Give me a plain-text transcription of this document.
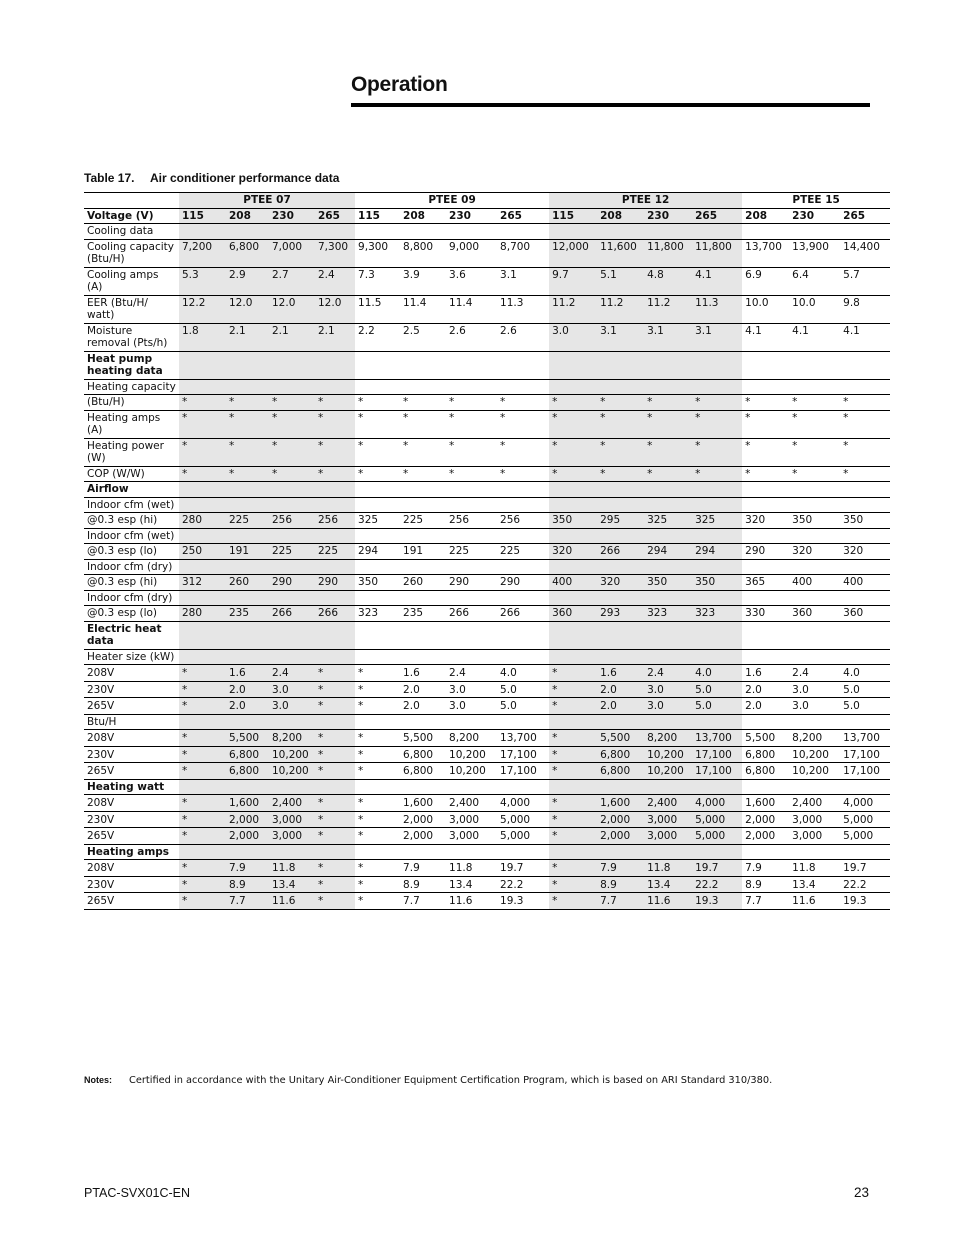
Operation
Table 17. Air conditioner performance data
	PTEE 07				PTEE 09				PTEE 12				PTEE 15		
Voltage (V)	115	208	230	265	115	208	230	265	115	208	230	265	208	230	265
Cooling data															
Cooling capacity (Btu/H)	7,200	6,800	7,000	7,300	9,300	8,800	9,000	8,700	12,000	11,600	11,800	11,800	13,700	13,900	14,400
Cooling amps (A)	5.3	2.9	2.7	2.4	7.3	3.9	3.6	3.1	9.7	5.1	4.8	4.1	6.9	6.4	5.7
EER (Btu/H/ watt)	12.2	12.0	12.0	12.0	11.5	11.4	11.4	11.3	11.2	11.2	11.2	11.3	10.0	10.0	9.8
Moisture removal (Pts/h)	1.8	2.1	2.1	2.1	2.2	2.5	2.6	2.6	3.0	3.1	3.1	3.1	4.1	4.1	4.1
Heat pump heating data															
Heating capacity															
(Btu/H)	*	*	*	*	*	*	*	*	*	*	*	*	*	*	*
Heating amps (A)	*	*	*	*	*	*	*	*	*	*	*	*	*	*	*
Heating power (W)	*	*	*	*	*	*	*	*	*	*	*	*	*	*	*
COP (W/W)	*	*	*	*	*	*	*	*	*	*	*	*	*	*	*
Airflow															
Indoor cfm (wet)															
@0.3 esp (hi)	280	225	256	256	325	225	256	256	350	295	325	325	320	350	350
Indoor cfm (wet)															
@0.3 esp (lo)	250	191	225	225	294	191	225	225	320	266	294	294	290	320	320
Indoor cfm (dry)															
@0.3 esp (hi)	312	260	290	290	350	260	290	290	400	320	350	350	365	400	400
Indoor cfm (dry)															
@0.3 esp (lo)	280	235	266	266	323	235	266	266	360	293	323	323	330	360	360
Electric heat data															
Heater size (kW)															
208V	*	1.6	2.4	*	*	1.6	2.4	4.0	*	1.6	2.4	4.0	1.6	2.4	4.0
230V	*	2.0	3.0	*	*	2.0	3.0	5.0	*	2.0	3.0	5.0	2.0	3.0	5.0
265V	*	2.0	3.0	*	*	2.0	3.0	5.0	*	2.0	3.0	5.0	2.0	3.0	5.0
Btu/H															
208V	*	5,500	8,200	*	*	5,500	8,200	13,700	*	5,500	8,200	13,700	5,500	8,200	13,700
230V	*	6,800	10,200	*	*	6,800	10,200	17,100	*	6,800	10,200	17,100	6,800	10,200	17,100
265V	*	6,800	10,200	*	*	6,800	10,200	17,100	*	6,800	10,200	17,100	6,800	10,200	17,100
Heating watt															
208V	*	1,600	2,400	*	*	1,600	2,400	4,000	*	1,600	2,400	4,000	1,600	2,400	4,000
230V	*	2,000	3,000	*	*	2,000	3,000	5,000	*	2,000	3,000	5,000	2,000	3,000	5,000
265V	*	2,000	3,000	*	*	2,000	3,000	5,000	*	2,000	3,000	5,000	2,000	3,000	5,000
Heating amps															
208V	*	7.9	11.8	*	*	7.9	11.8	19.7	*	7.9	11.8	19.7	7.9	11.8	19.7
230V	*	8.9	13.4	*	*	8.9	13.4	22.2	*	8.9	13.4	22.2	8.9	13.4	22.2
265V	*	7.7	11.6	*	*	7.7	11.6	19.3	*	7.7	11.6	19.3	7.7	11.6	19.3
Notes: Certified in accordance with the Unitary Air-Conditioner Equipment Certification Program, which is based on ARI Standard 310/380.
PTAC-SVX01C-EN	23
